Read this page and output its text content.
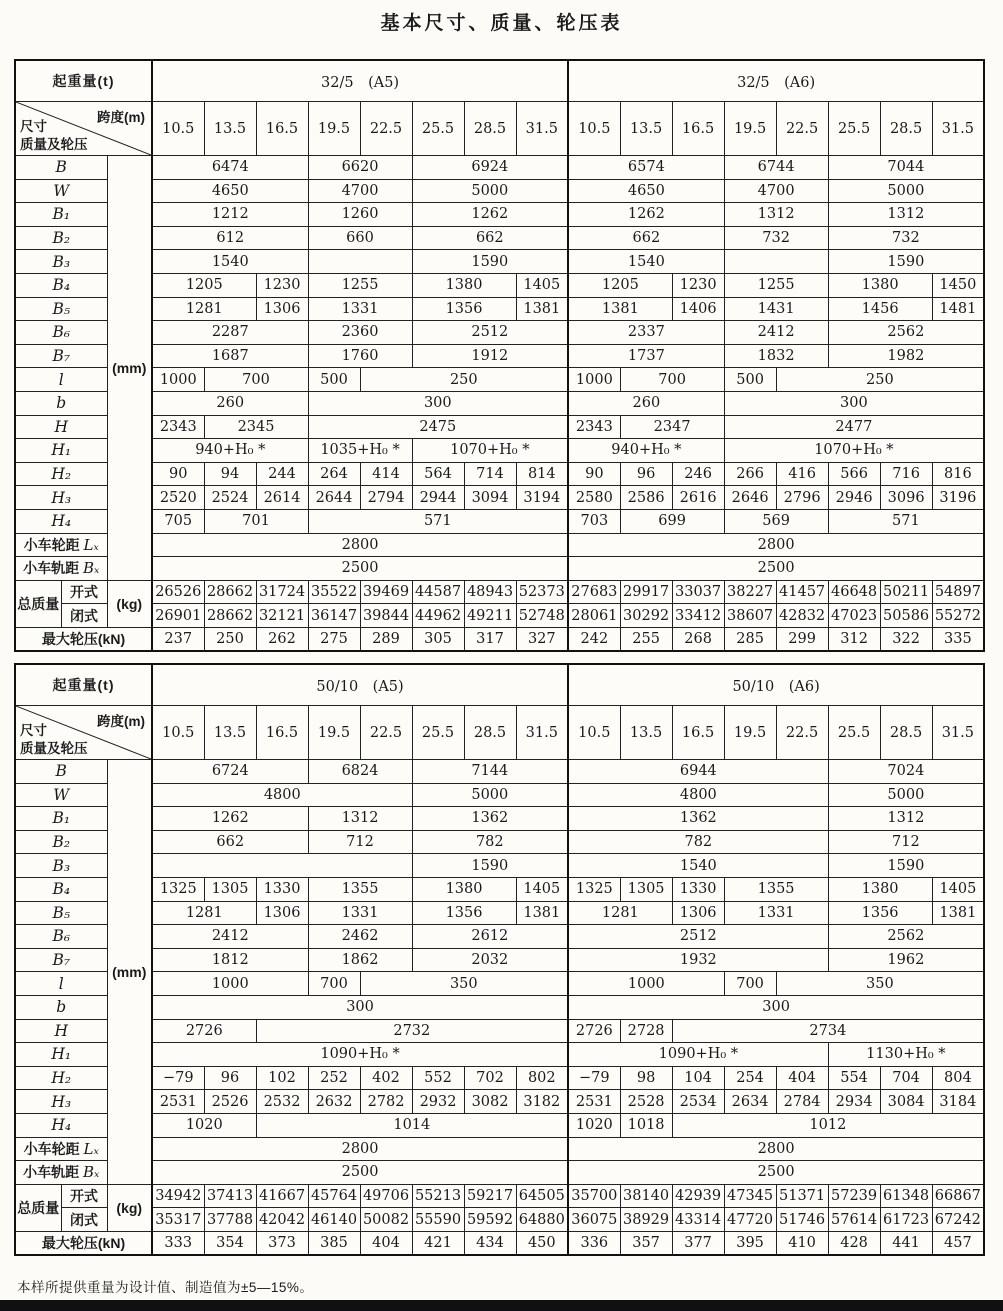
基本尺寸、质量、轮压表
起重量(t)			32/5　(A5)								32/5　(A6)							

跨度(m)
尺寸
质量及轮压			10.5	13.5	16.5	19.5	22.5	25.5	28.5	31.5	10.5	13.5	16.5	19.5	22.5	25.5	28.5	31.5
B		(mm)	6474			6620		6924			6574			6744		7044		
W			4650			4700		5000			4650			4700		5000		
B₁			1212			1260		1262			1262			1312		1312		
B₂			612			660		662			662			732		732		
B₃			1540					1590			1540					1590		
B₄			1205		1230	1255		1380		1405	1205		1230	1255		1380		1450
B₅			1281		1306	1331		1356		1381	1381		1406	1431		1456		1481
B₆			2287			2360		2512			2337			2412		2562		
B₇			1687			1760		1912			1737			1832		1982		
l			1000	700		500	250				1000	700		500	250			
b			260			300					260			300				
H			2343	2345		2475					2343	2347		2477				
H₁			940+H₀ *			1035+H₀ *		1070+H₀ *			940+H₀ *			1070+H₀ *				
H₂			90	94	244	264	414	564	714	814	90	96	246	266	416	566	716	816
H₃			2520	2524	2614	2644	2794	2944	3094	3194	2580	2586	2616	2646	2796	2946	3096	3196
H₄			705	701		571					703	699		569		571		
小车轮距 Lₓ			2800								2800							
小车轨距 Bₓ			2500								2500							
总质量	开式	(kg)	26526	28662	31724	35522	39469	44587	48943	52373	27683	29917	33037	38227	41457	46648	50211	54897
	闭式		26901	28662	32121	36147	39844	44962	49211	52748	28061	30292	33412	38607	42832	47023	50586	55272
最大轮压(kN)			237	250	262	275	289	305	317	327	242	255	268	285	299	312	322	335
起重量(t)			50/10　(A5)								50/10　(A6)							

跨度(m)
尺寸
质量及轮压			10.5	13.5	16.5	19.5	22.5	25.5	28.5	31.5	10.5	13.5	16.5	19.5	22.5	25.5	28.5	31.5
B		(mm)	6724			6824		7144			6944					7024		
W			4800					5000			4800					5000		
B₁			1262			1312		1362			1362					1312		
B₂			662			712		782			782					712		
B₃								1590			1540					1590		
B₄			1325	1305	1330	1355		1380		1405	1325	1305	1330	1355		1380		1405
B₅			1281		1306	1331		1356		1381	1281		1306	1331		1356		1381
B₆			2412			2462		2612			2512					2562		
B₇			1812			1862		2032			1932					1962		
l			1000			700	350				1000			700	350			
b			300								300							
H			2726		2732						2726	2728	2734					
H₁			1090+H₀ *								1090+H₀ *					1130+H₀ *		
H₂			−79	96	102	252	402	552	702	802	−79	98	104	254	404	554	704	804
H₃			2531	2526	2532	2632	2782	2932	3082	3182	2531	2528	2534	2634	2784	2934	3084	3184
H₄			1020		1014						1020	1018	1012					
小车轮距 Lₓ			2800								2800							
小车轨距 Bₓ			2500								2500							
总质量	开式	(kg)	34942	37413	41667	45764	49706	55213	59217	64505	35700	38140	42939	47345	51371	57239	61348	66867
	闭式		35317	37788	42042	46140	50082	55590	59592	64880	36075	38929	43314	47720	51746	57614	61723	67242
最大轮压(kN)			333	354	373	385	404	421	434	450	336	357	377	395	410	428	441	457
本样所提供重量为设计值、制造值为±5—15%。
